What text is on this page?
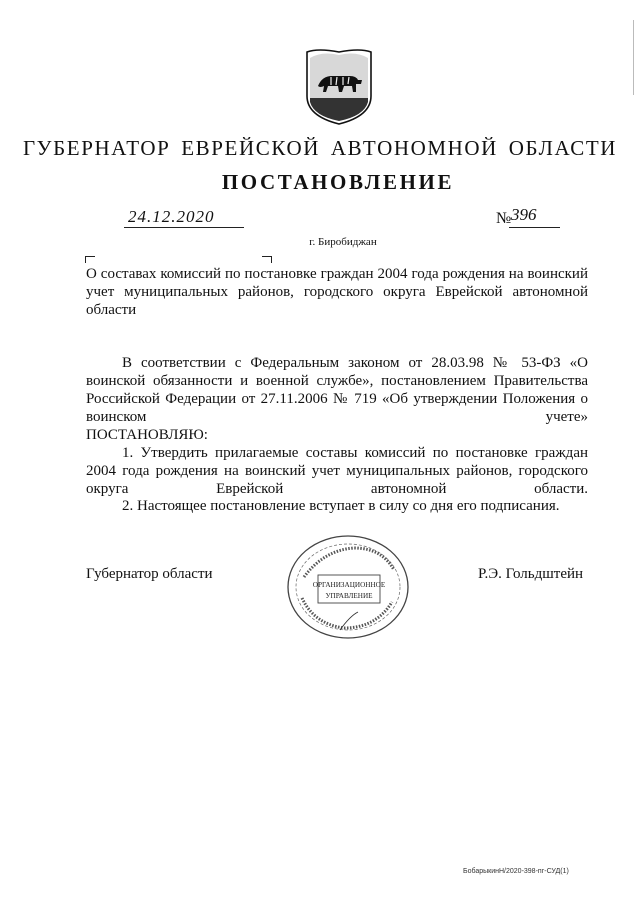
ГУБЕРНАТОР ЕВРЕЙСКОЙ АВТОНОМНОЙ ОБЛАСТИ
ПОСТАНОВЛЕНИЕ
24.12.2020	№ 396
г. Биробиджан
О составах комиссий по постановке граждан 2004 года рождения на воинский учет муниципальных районов, городского округа Еврейской автономной области
В соответствии с Федеральным законом от 28.03.98 № 53-ФЗ «О воинской обязанности и военной службе», постановлением Правительства Российской Федерации от 27.11.2006 № 719 «Об утверждении Положения о воинском учете»
ПОСТАНОВЛЯЮ:
1. Утвердить прилагаемые составы комиссий по постановке граждан 2004 года рождения на воинский учет муниципальных районов, городского округа Еврейской автономной области.
2. Настоящее постановление вступает в силу со дня его подписания.
Губернатор области
ОРГАНИЗАЦИОННОЕ
УПРАВЛЕНИЕ
Р.Э. Гольдштейн
БобарыкинН/2020-398-пг-СУД(1)
